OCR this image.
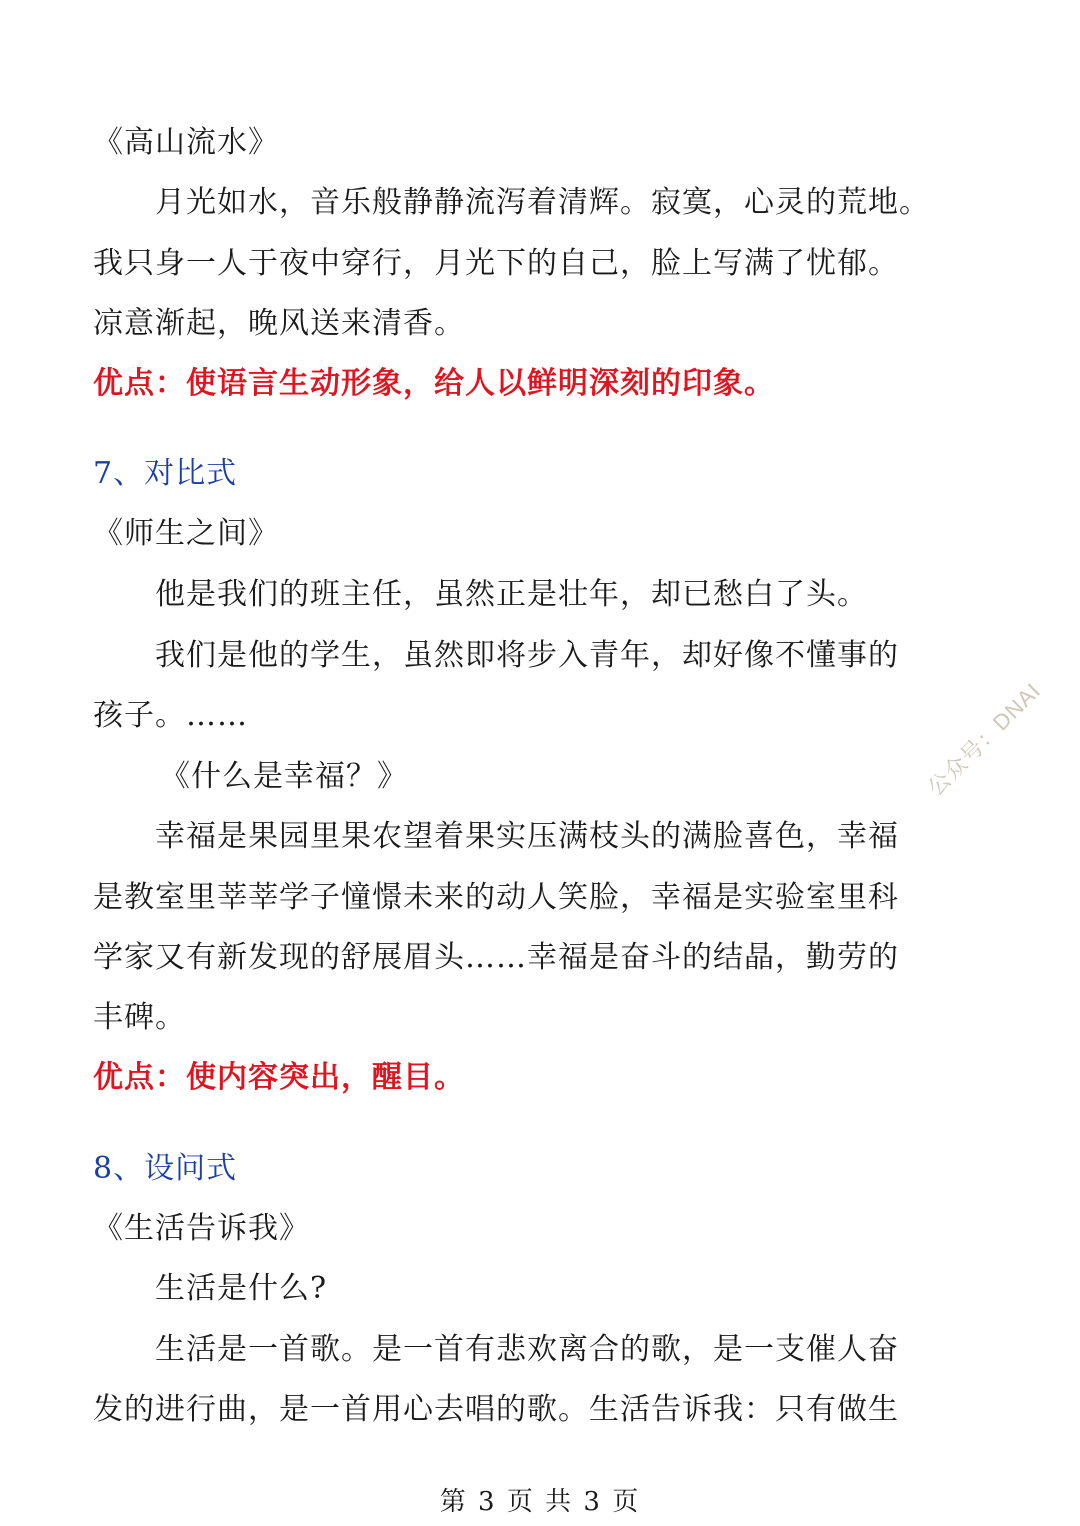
《高山流水》
月光如水，音乐般静静流泻着清辉。寂寞，心灵的荒地。
我只身一人于夜中穿行，月光下的自己，脸上写满了忧郁。
凉意渐起，晚风送来清香。
优点：使语言生动形象，给人以鲜明深刻的印象。
7、对比式
《师生之间》
他是我们的班主任，虽然正是壮年，却已愁白了头。
我们是他的学生，虽然即将步入青年，却好像不懂事的
孩子。……
《什么是幸福？》
幸福是果园里果农望着果实压满枝头的满脸喜色，幸福
是教室里莘莘学子憧憬未来的动人笑脸，幸福是实验室里科
学家又有新发现的舒展眉头……幸福是奋斗的结晶，勤劳的
丰碑。
优点：使内容突出，醒目。
8、设问式
《生活告诉我》
生活是什么?
生活是一首歌。是一首有悲欢离合的歌，是一支催人奋
发的进行曲，是一首用心去唱的歌。生活告诉我：只有做生
第 3 页 共 3 页
公众号：DNAI
